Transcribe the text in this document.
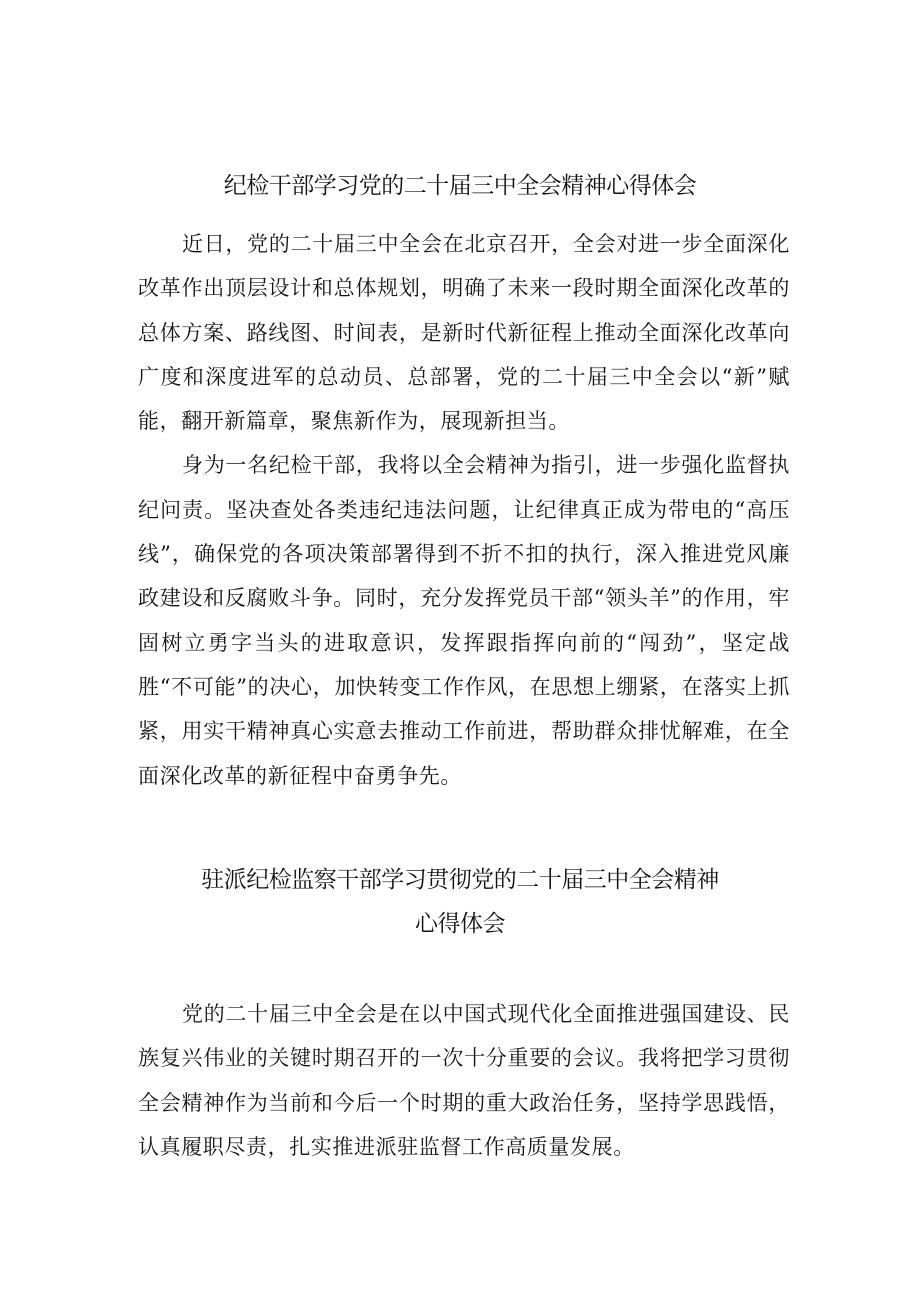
纪检干部学习党的二十届三中全会精神心得体会

近日，党的二十届三中全会在北京召开，全会对进一步全面深化改革作出顶层设计和总体规划，明确了未来一段时期全面深化改革的总体方案、路线图、时间表，是新时代新征程上推动全面深化改革向广度和深度进军的总动员、总部署，党的二十届三中全会以“新”赋能，翻开新篇章，聚焦新作为，展现新担当。

身为一名纪检干部，我将以全会精神为指引，进一步强化监督执纪问责。坚决查处各类违纪违法问题，让纪律真正成为带电的“高压线”，确保党的各项决策部署得到不折不扣的执行，深入推进党风廉政建设和反腐败斗争。同时，充分发挥党员干部“领头羊”的作用，牢固树立勇字当头的进取意识，发挥跟指挥向前的“闯劲”，坚定战胜“不可能”的决心，加快转变工作作风，在思想上绷紧，在落实上抓紧，用实干精神真心实意去推动工作前进，帮助群众排忧解难，在全面深化改革的新征程中奋勇争先。

驻派纪检监察干部学习贯彻党的二十届三中全会精神
心得体会

党的二十届三中全会是在以中国式现代化全面推进强国建设、民族复兴伟业的关键时期召开的一次十分重要的会议。我将把学习贯彻全会精神作为当前和今后一个时期的重大政治任务，坚持学思践悟，认真履职尽责，扎实推进派驻监督工作高质量发展。
